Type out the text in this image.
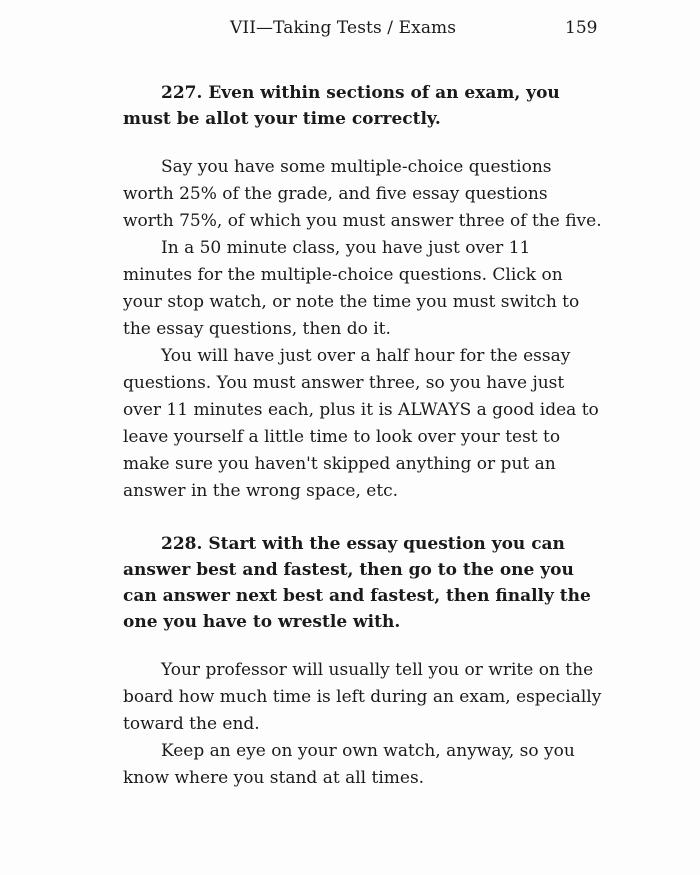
VII—Taking Tests / Exams	159

227. Even within sections of an exam, you must be allot your time correctly.

Say you have some multiple-choice questions worth 25% of the grade, and five essay questions worth 75%, of which you must answer three of the five.

In a 50 minute class, you have just over 11 minutes for the multiple-choice questions. Click on your stop watch, or note the time you must switch to the essay questions, then do it.

You will have just over a half hour for the essay questions. You must answer three, so you have just over 11 minutes each, plus it is ALWAYS a good idea to leave yourself a little time to look over your test to make sure you haven't skipped anything or put an answer in the wrong space, etc.

228. Start with the essay question you can answer best and fastest, then go to the one you can answer next best and fastest, then finally the one you have to wrestle with.

Your professor will usually tell you or write on the board how much time is left during an exam, especially toward the end.

Keep an eye on your own watch, anyway, so you know where you stand at all times.
